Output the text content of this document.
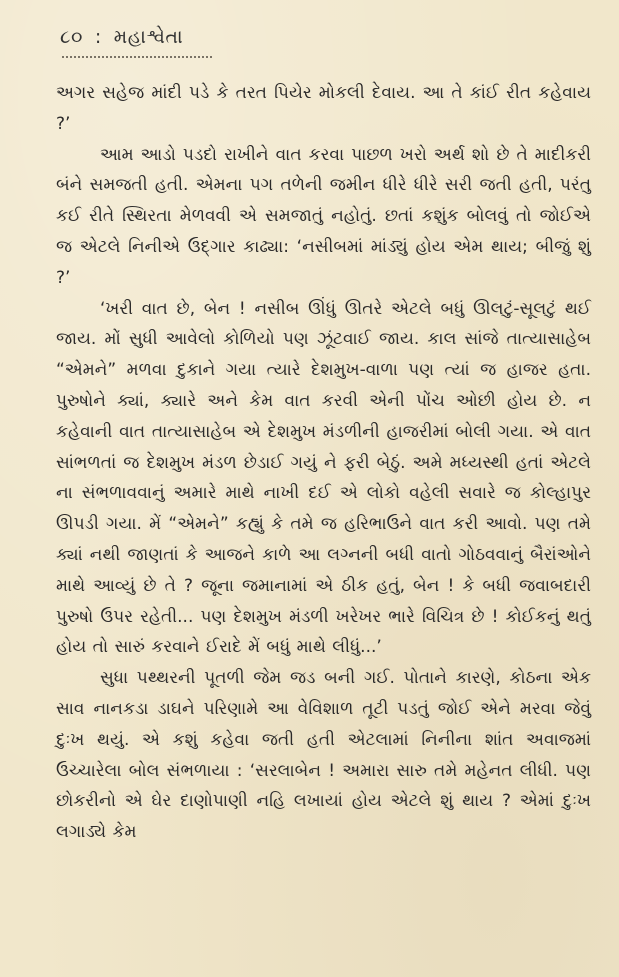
૮૦ : મહાશ્વેતા

અગર સહેજ માંદી પડે કે તરત પિયેર મોકલી દેવાય. આ તે કાંઈ રીત કહેવાય ?’

આમ આડો પડદો રાખીને વાત કરવા પાછળ ખરો અર્થ શો છે તે માદીકરી બંને સમજતી હતી. એમના પગ તળેની જમીન ધીરે ધીરે સરી જતી હતી, પરંતુ કઈ રીતે સ્થિરતા મેળવવી એ સમજાતું નહોતું. છતાં કશુંક બોલવું તો જોઈએ જ એટલે નિનીએ ઉદ્ગાર કાઢ્યા: ‘નસીબમાં માંડ્યું હોય એમ થાય; બીજું શું ?’

‘ખરી વાત છે, બેન ! નસીબ ઊંધું ઊતરે એટલે બધું ઊલટું-સૂલટું થઈ જાય. મોં સુધી આવેલો કોળિયો પણ ઝૂંટવાઈ જાય. કાલ સાંજે તાત્યાસાહેબ “એમને” મળવા દુકાને ગયા ત્યારે દેશમુખ-વાળા પણ ત્યાં જ હાજર હતા. પુરુષોને ક્યાં, ક્યારે અને કેમ વાત કરવી એની પોંચ ઓછી હોય છે. ન કહેવાની વાત તાત્યાસાહેબ એ દેશમુખ મંડળીની હાજરીમાં બોલી ગયા. એ વાત સાંભળતાં જ દેશમુખ મંડળ છેડાઈ ગયું ને ફરી બેઠું. અમે મધ્યસ્થી હતાં એટલે ના સંભળાવવાનું અમારે માથે નાખી દઈ એ લોકો વહેલી સવારે જ કોલ્હાપુર ઊપડી ગયા. મેં “એમને” કહ્યું કે તમે જ હરિભાઉને વાત કરી આવો. પણ તમે ક્યાં નથી જાણતાં કે આજને કાળે આ લગ્નની બધી વાતો ગોઠવવાનું બૈરાંઓને માથે આવ્યું છે તે ? જૂના જમાનામાં એ ઠીક હતું, બેન ! કે બધી જવાબદારી પુરુષો ઉપર રહેતી... પણ દેશમુખ મંડળી ખરેખર ભારે વિચિત્ર છે ! કોઈકનું થતું હોય તો સારું કરવાને ઈરાદે મેં બધું માથે લીધું...’

સુધા પથ્થરની પૂતળી જેમ જડ બની ગઈ. પોતાને કારણે, કોઠના એક સાવ નાનકડા ડાઘને પરિણામે આ વેવિશાળ તૂટી પડતું જોઈ એને મરવા જેવું દુઃખ થયું. એ કશું કહેવા જતી હતી એટલામાં નિનીના શાંત અવાજમાં ઉચ્ચારેલા બોલ સંભળાયા : ‘સરલાબેન ! અમારા સારુ તમે મહેનત લીધી. પણ છોકરીનો એ ઘેર દાણોપાણી નહિ લખાયાં હોય એટલે શું થાય ? એમાં દુઃખ લગાડ્યે કેમ
